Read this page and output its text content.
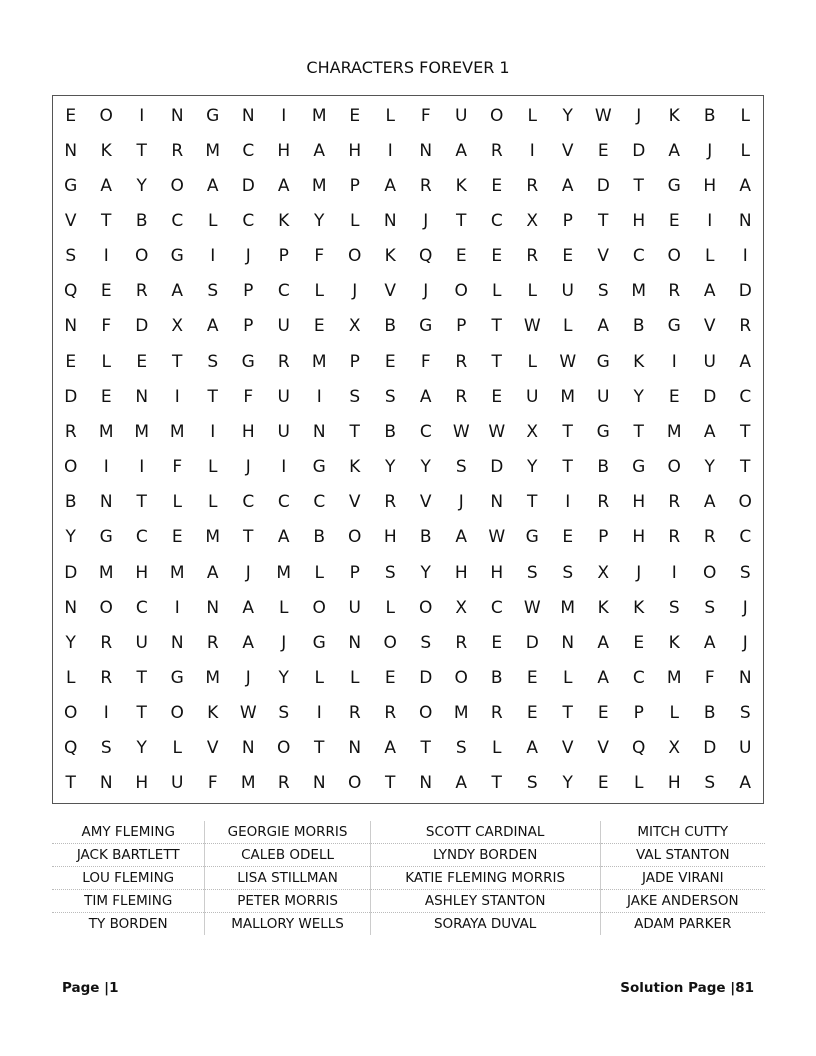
CHARACTERS FOREVER 1
E	O	I	N	G	N	I	M	E	L	F	U	O	L	Y	W	J	K	B	L
N	K	T	R	M	C	H	A	H	I	N	A	R	I	V	E	D	A	J	L
G	A	Y	O	A	D	A	M	P	A	R	K	E	R	A	D	T	G	H	A
V	T	B	C	L	C	K	Y	L	N	J	T	C	X	P	T	H	E	I	N
S	I	O	G	I	J	P	F	O	K	Q	E	E	R	E	V	C	O	L	I
Q	E	R	A	S	P	C	L	J	V	J	O	L	L	U	S	M	R	A	D
N	F	D	X	A	P	U	E	X	B	G	P	T	W	L	A	B	G	V	R
E	L	E	T	S	G	R	M	P	E	F	R	T	L	W	G	K	I	U	A
D	E	N	I	T	F	U	I	S	S	A	R	E	U	M	U	Y	E	D	C
R	M	M	M	I	H	U	N	T	B	C	W	W	X	T	G	T	M	A	T
O	I	I	F	L	J	I	G	K	Y	Y	S	D	Y	T	B	G	O	Y	T
B	N	T	L	L	C	C	C	V	R	V	J	N	T	I	R	H	R	A	O
Y	G	C	E	M	T	A	B	O	H	B	A	W	G	E	P	H	R	R	C
D	M	H	M	A	J	M	L	P	S	Y	H	H	S	S	X	J	I	O	S
N	O	C	I	N	A	L	O	U	L	O	X	C	W	M	K	K	S	S	J
Y	R	U	N	R	A	J	G	N	O	S	R	E	D	N	A	E	K	A	J
L	R	T	G	M	J	Y	L	L	E	D	O	B	E	L	A	C	M	F	N
O	I	T	O	K	W	S	I	R	R	O	M	R	E	T	E	P	L	B	S
Q	S	Y	L	V	N	O	T	N	A	T	S	L	A	V	V	Q	X	D	U
T	N	H	U	F	M	R	N	O	T	N	A	T	S	Y	E	L	H	S	A
AMY FLEMING	GEORGIE MORRIS	SCOTT CARDINAL	MITCH CUTTY
JACK BARTLETT	CALEB ODELL	LYNDY BORDEN	VAL STANTON
LOU FLEMING	LISA STILLMAN	KATIE FLEMING MORRIS	JADE VIRANI
TIM FLEMING	PETER MORRIS	ASHLEY STANTON	JAKE ANDERSON
TY BORDEN	MALLORY WELLS	SORAYA DUVAL	ADAM PARKER
Page |1	Solution Page |81
